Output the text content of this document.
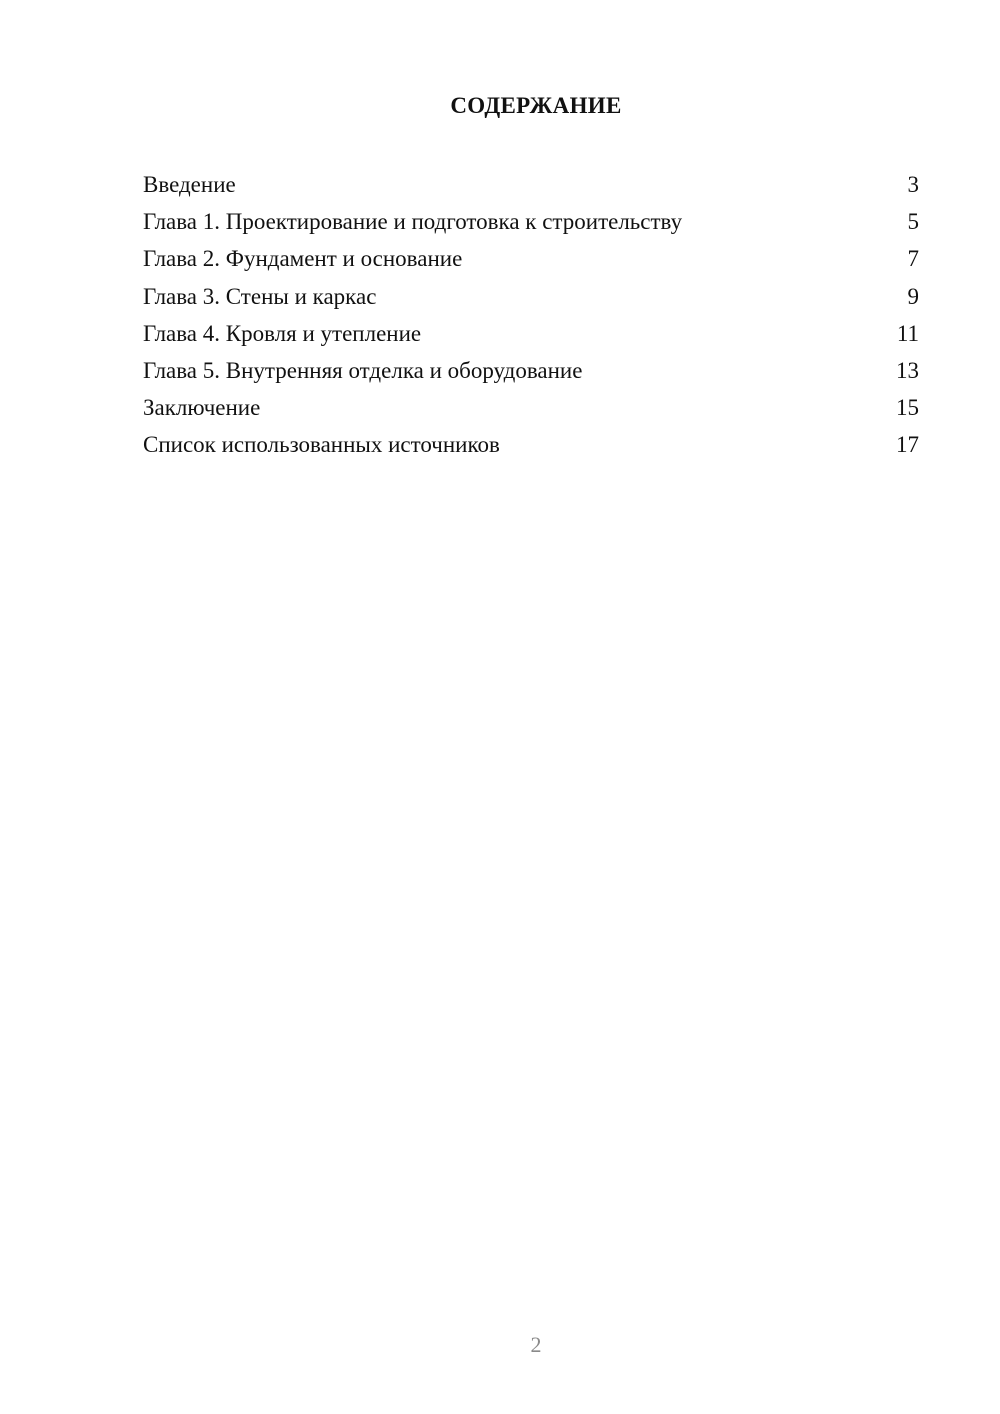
СОДЕРЖАНИЕ
Введение	3
Глава 1. Проектирование и подготовка к строительству	5
Глава 2. Фундамент и основание	7
Глава 3. Стены и каркас	9
Глава 4. Кровля и утепление	11
Глава 5. Внутренняя отделка и оборудование	13
Заключение	15
Список использованных источников	17
2
